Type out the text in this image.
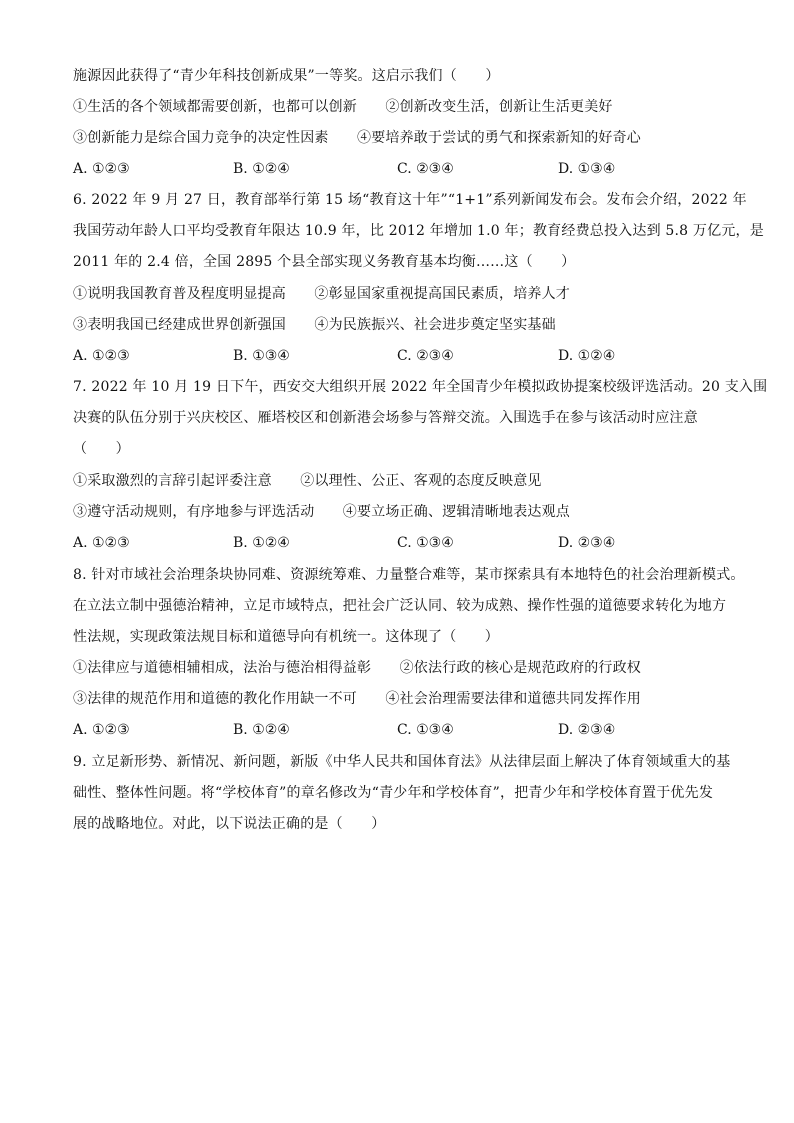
施源因此获得了“青少年科技创新成果”一等奖。这启示我们（　　）
①生活的各个领域都需要创新，也都可以创新　　②创新改变生活，创新让生活更美好
③创新能力是综合国力竞争的决定性因素　　④要培养敢于尝试的勇气和探索新知的好奇心
A. ①②③	B. ①②④	C. ②③④	D. ①③④
6. 2022 年 9 月 27 日，教育部举行第 15 场“教育这十年”“1+1”系列新闻发布会。发布会介绍，2022 年
我国劳动年龄人口平均受教育年限达 10.9 年，比 2012 年增加 1.0 年；教育经费总投入达到 5.8 万亿元，是
2011 年的 2.4 倍，全国 2895 个县全部实现义务教育基本均衡……这（　　）
①说明我国教育普及程度明显提高　　②彰显国家重视提高国民素质，培养人才
③表明我国已经建成世界创新强国　　④为民族振兴、社会进步奠定坚实基础
A. ①②③	B. ①③④	C. ②③④	D. ①②④
7. 2022 年 10 月 19 日下午，西安交大组织开展 2022 年全国青少年模拟政协提案校级评选活动。20 支入围
决赛的队伍分别于兴庆校区、雁塔校区和创新港会场参与答辩交流。入围选手在参与该活动时应注意
（　　）
①采取激烈的言辞引起评委注意　　②以理性、公正、客观的态度反映意见
③遵守活动规则，有序地参与评选活动　　④要立场正确、逻辑清晰地表达观点
A. ①②③	B. ①②④	C. ①③④	D. ②③④
8. 针对市域社会治理条块协同难、资源统筹难、力量整合难等，某市探索具有本地特色的社会治理新模式。
在立法立制中强德治精神，立足市域特点，把社会广泛认同、较为成熟、操作性强的道德要求转化为地方
性法规，实现政策法规目标和道德导向有机统一。这体现了（　　）
①法律应与道德相辅相成，法治与德治相得益彰　　②依法行政的核心是规范政府的行政权
③法律的规范作用和道德的教化作用缺一不可　　④社会治理需要法律和道德共同发挥作用
A. ①②③	B. ①②④	C. ①③④	D. ②③④
9. 立足新形势、新情况、新问题，新版《中华人民共和国体育法》从法律层面上解决了体育领域重大的基
础性、整体性问题。将“学校体育”的章名修改为“青少年和学校体育”，把青少年和学校体育置于优先发
展的战略地位。对此，以下说法正确的是（　　）
